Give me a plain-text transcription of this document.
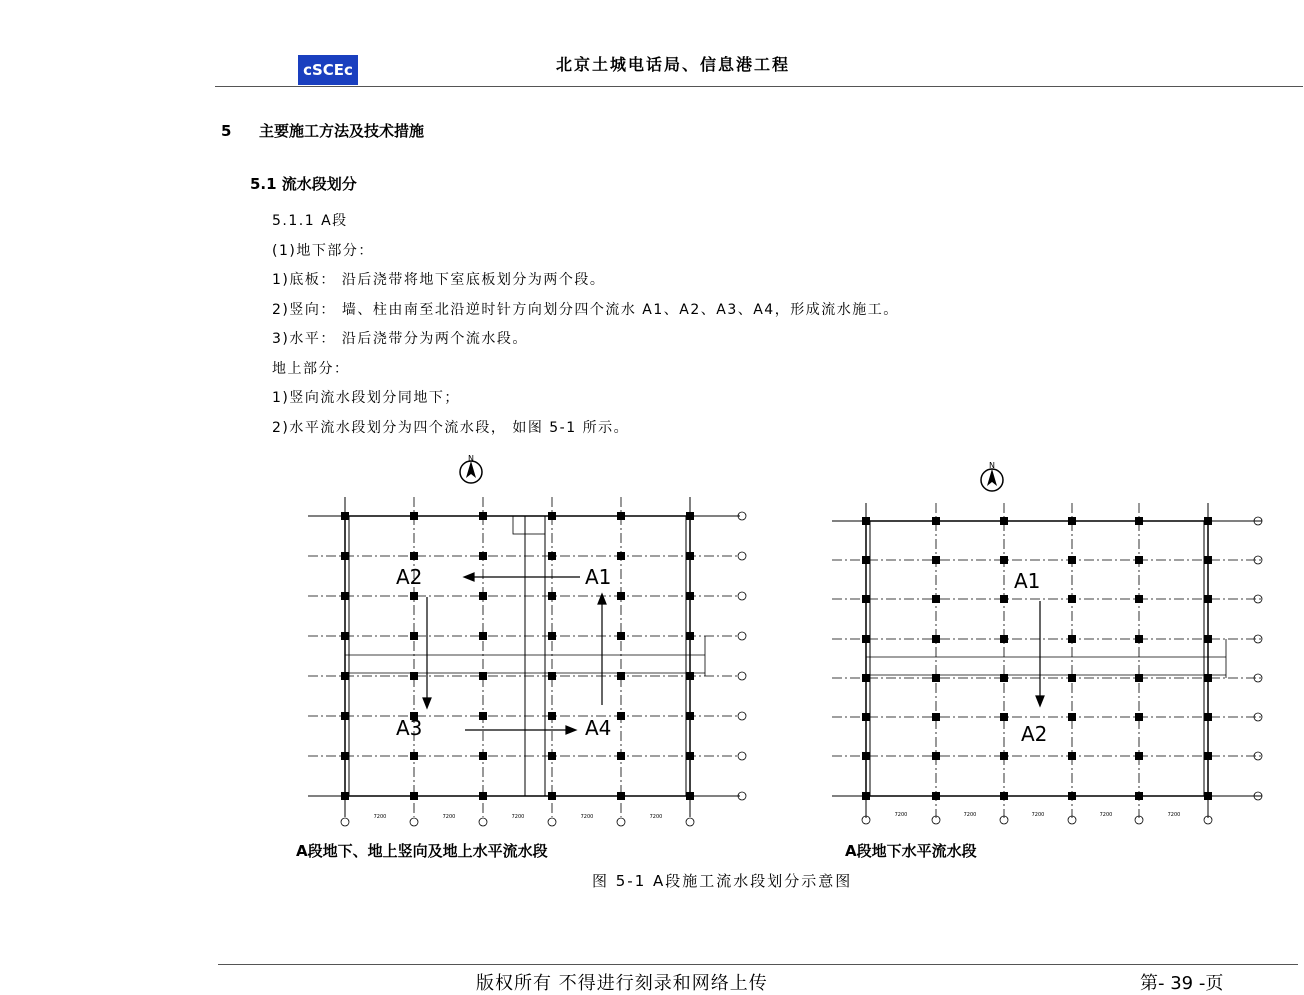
cSCEc	北京土城电话局、信息港工程
5 主要施工方法及技术措施
5.1 流水段划分
5.1.1 A段
(1)地下部分：
1)底板： 沿后浇带将地下室底板划分为两个段。
2)竖向： 墙、柱由南至北沿逆时针方向划分四个流水 A1、A2、A3、A4，形成流水施工。
3)水平： 沿后浇带分为两个流水段。
地上部分：
1)竖向流水段划分同地下；
2)水平流水段划分为四个流水段， 如图 5-1 所示。
N
A2	A1
A3	A4
7200	7200	7200	7200	7200
N
A1
A2
7200	7200	7200	7200	7200
A段地下、地上竖向及地上水平流水段	A段地下水平流水段
图 5-1 A段施工流水段划分示意图
版权所有 不得进行刻录和网络上传	第- 39 -页
